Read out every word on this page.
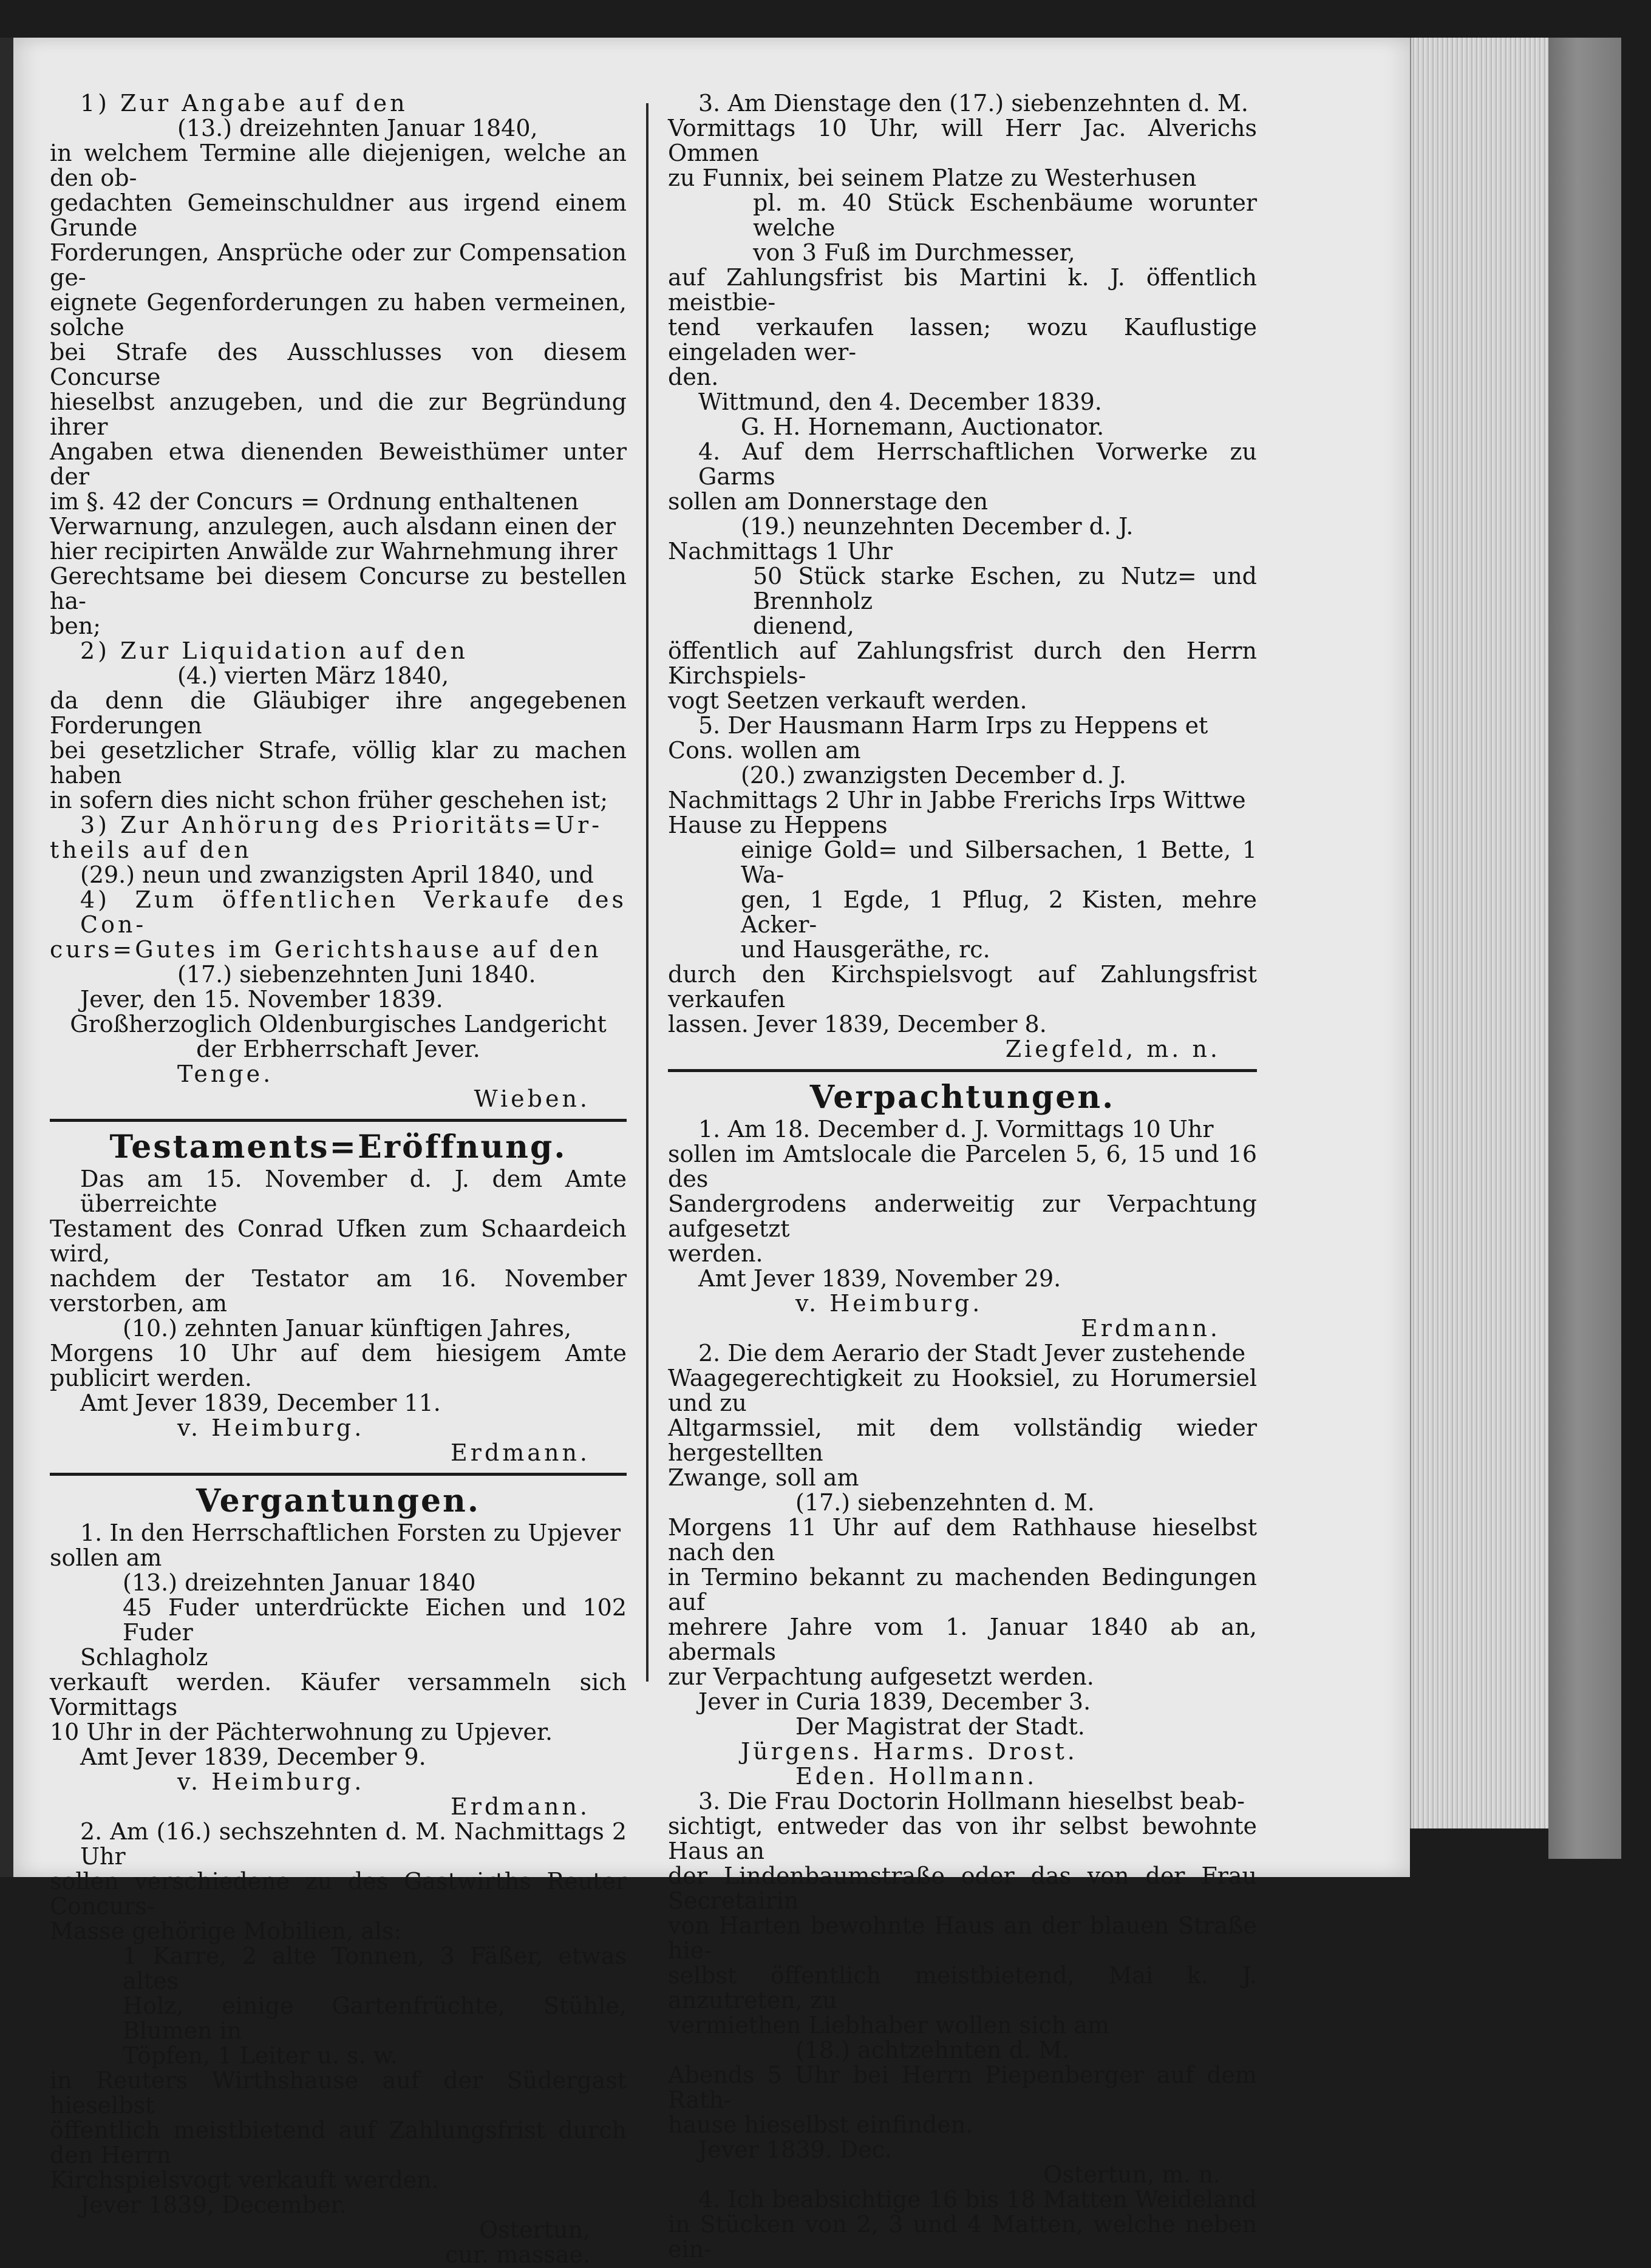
1) Zur Angabe auf den

(13.) dreizehnten Januar 1840,

in welchem Termine alle diejenigen, welche an den ob-

gedachten Gemeinschuldner aus irgend einem Grunde

Forderungen, Ansprüche oder zur Compensation ge-

eignete Gegenforderungen zu haben vermeinen, solche

bei Strafe des Ausschlusses von diesem Concurse

hieselbst anzugeben, und die zur Begründung ihrer

Angaben etwa dienenden Beweisthümer unter der

im §. 42 der Concurs = Ordnung enthaltenen

Verwarnung, anzulegen, auch alsdann einen der

hier recipirten Anwälde zur Wahrnehmung ihrer

Gerechtsame bei diesem Concurse zu bestellen ha-

ben;

2) Zur Liquidation auf den

(4.) vierten März 1840,

da denn die Gläubiger ihre angegebenen Forderungen

bei gesetzlicher Strafe, völlig klar zu machen haben

in sofern dies nicht schon früher geschehen ist;

3) Zur Anhörung des Prioritäts=Ur-

theils auf den

(29.) neun und zwanzigsten April 1840, und

4) Zum öffentlichen Verkaufe des Con-

curs=Gutes im Gerichtshause auf den

(17.) siebenzehnten Juni 1840.

Jever, den 15. November 1839.

Großherzoglich Oldenburgisches Landgericht

der Erbherrschaft Jever.

Tenge.

Wieben.

Testaments=Eröffnung.

Das am 15. November d. J. dem Amte überreichte

Testament des Conrad Ufken zum Schaardeich wird,

nachdem der Testator am 16. November verstorben, am

(10.) zehnten Januar künftigen Jahres,

Morgens 10 Uhr auf dem hiesigem Amte publicirt werden.

Amt Jever 1839, December 11.

v. Heimburg.

Erdmann.

Vergantungen.

1. In den Herrschaftlichen Forsten zu Upjever

sollen am

(13.) dreizehnten Januar 1840

45 Fuder unterdrückte Eichen und 102 Fuder

Schlagholz

verkauft werden. Käufer versammeln sich Vormittags

10 Uhr in der Pächterwohnung zu Upjever.

Amt Jever 1839, December 9.

v. Heimburg.

Erdmann.

2. Am (16.) sechszehnten d. M. Nachmittags 2 Uhr

sollen verschiedene zu des Gastwirths Reuter Concurs-

Masse gehörige Mobilien, als:

1 Karre, 2 alte Tonnen, 3 Fäßer, etwas altes

Holz, einige Gartenfrüchte, Stühle, Blumen in

Töpfen, 1 Leiter u. s. w.

in Reuters Wirthshause auf der Südergast hieselbst

öffentlich meistbietend auf Zahlungsfrist durch den Herrn

Kirchspielsvogt verkauft werden.

Jever 1839, December.

Ostertun,

cur. massae.

3. Am Dienstage den (17.) siebenzehnten d. M.

Vormittags 10 Uhr, will Herr Jac. Alverichs Ommen

zu Funnix, bei seinem Platze zu Westerhusen

pl. m. 40 Stück Eschenbäume worunter welche

von 3 Fuß im Durchmesser,

auf Zahlungsfrist bis Martini k. J. öffentlich meistbie-

tend verkaufen lassen; wozu Kauflustige eingeladen wer-

den.

Wittmund, den 4. December 1839.

G. H. Hornemann, Auctionator.

4. Auf dem Herrschaftlichen Vorwerke zu Garms

sollen am Donnerstage den

(19.) neunzehnten December d. J.

Nachmittags 1 Uhr

50 Stück starke Eschen, zu Nutz= und Brennholz

dienend,

öffentlich auf Zahlungsfrist durch den Herrn Kirchspiels-

vogt Seetzen verkauft werden.

5. Der Hausmann Harm Irps zu Heppens et

Cons. wollen am

(20.) zwanzigsten December d. J.

Nachmittags 2 Uhr in Jabbe Frerichs Irps Wittwe

Hause zu Heppens

einige Gold= und Silbersachen, 1 Bette, 1 Wa-

gen, 1 Egde, 1 Pflug, 2 Kisten, mehre Acker-

und Hausgeräthe, rc.

durch den Kirchspielsvogt auf Zahlungsfrist verkaufen

lassen. Jever 1839, December 8.

Ziegfeld, m. n.

Verpachtungen.

1. Am 18. December d. J. Vormittags 10 Uhr

sollen im Amtslocale die Parcelen 5, 6, 15 und 16 des

Sandergrodens anderweitig zur Verpachtung aufgesetzt

werden.

Amt Jever 1839, November 29.

v. Heimburg.

Erdmann.

2. Die dem Aerario der Stadt Jever zustehende

Waagegerechtigkeit zu Hooksiel, zu Horumersiel und zu

Altgarmssiel, mit dem vollständig wieder hergestellten

Zwange, soll am

(17.) siebenzehnten d. M.

Morgens 11 Uhr auf dem Rathhause hieselbst nach den

in Termino bekannt zu machenden Bedingungen auf

mehrere Jahre vom 1. Januar 1840 ab an, abermals

zur Verpachtung aufgesetzt werden.

Jever in Curia 1839, December 3.

Der Magistrat der Stadt.

Jürgens. Harms. Drost.

Eden. Hollmann.

3. Die Frau Doctorin Hollmann hieselbst beab-

sichtigt, entweder das von ihr selbst bewohnte Haus an

der Lindenbaumstraße oder das von der Frau Secretairin

von Harten bewohnte Haus an der blauen Straße hie-

selbst öffentlich meistbietend, Mai k. J. anzutreten, zu

vermiethen Liebhaber wollen sich am

(18.) achtzehnten d. M.

Abends 5 Uhr bei Herrn Piepenberger auf dem Rath-

hause hieselbst einfinden.

Jever 1839. Dec.

Ostertun, m. n.

4. Ich beabsichtige 16 bis 18 Matten Weideland

in Stücken von 2, 3 und 4 Matten, welche neben ein-
